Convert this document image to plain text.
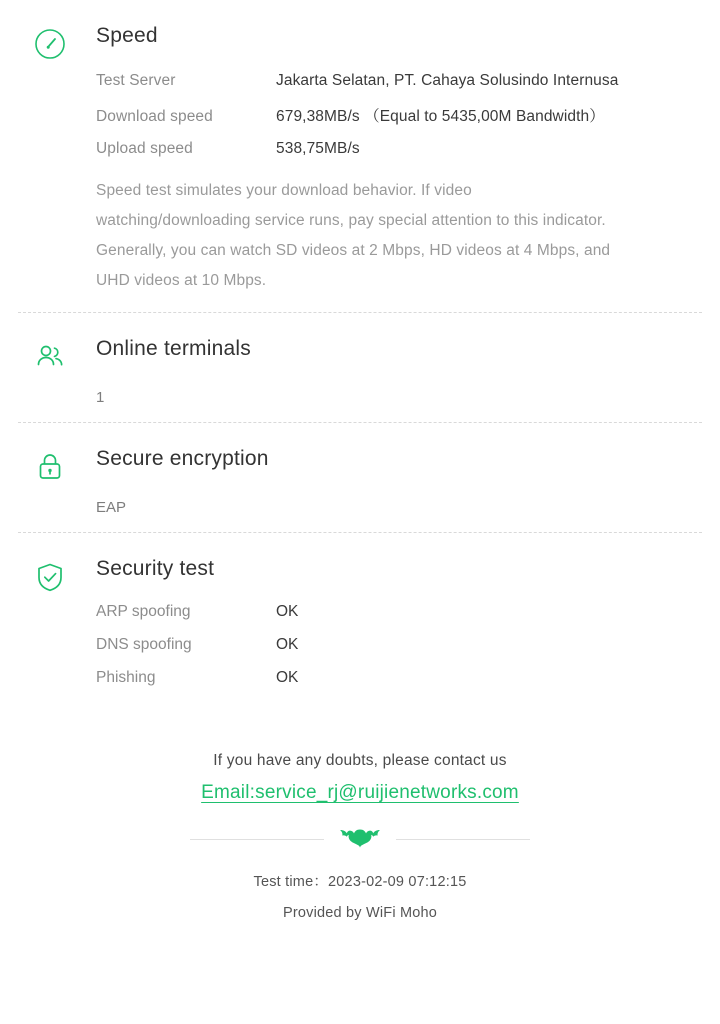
Speed
Test Server	Jakarta Selatan, PT. Cahaya Solusindo Internusa
Download speed	679,38MB/s （Equal to 5435,00M Bandwidth）
Upload speed	538,75MB/s

Speed test simulates your download behavior. If video watching/downloading service runs, pay special attention to this indicator. Generally, you can watch SD videos at 2 Mbps, HD videos at 4 Mbps, and UHD videos at 10 Mbps.

Online terminals
1
Secure encryption
EAP
Security test
ARP spoofing	OK
DNS spoofing	OK
Phishing	OK
If you have any doubts, please contact us
Email:service_rj@ruijienetworks.com
Test time：2023-02-09 07:12:15
Provided by WiFi Moho
